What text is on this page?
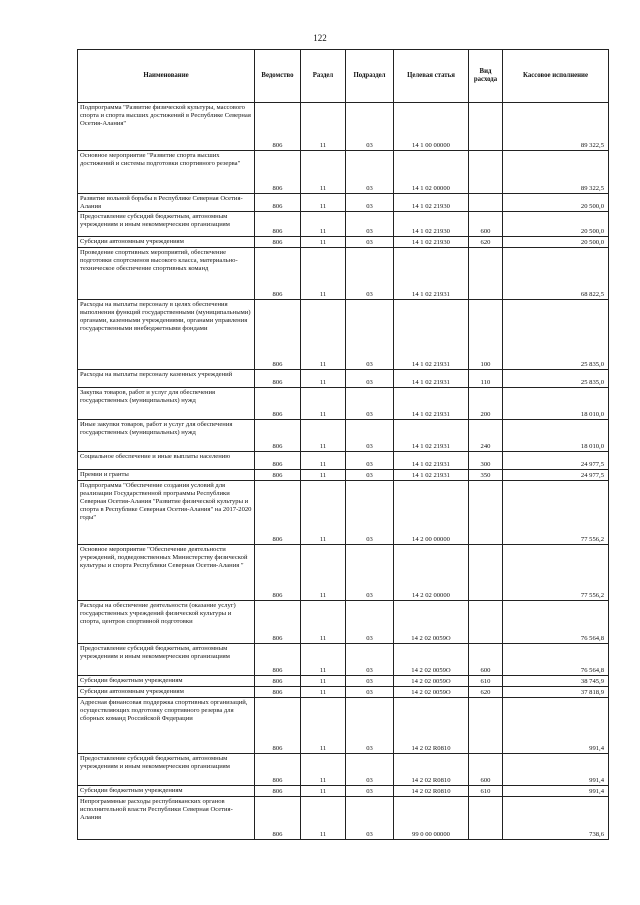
122
Наименование	Ведомство	Раздел	Подраздел	Целевая статья	Вид расхода	Кассовое исполнение
Подпрограмма "Развитие физической культуры, массового спорта и спорта высших достижений в Республике Северная Осетия-Алания"	806	11	03	14 1 00 00000		89 322,5
Основное мероприятие "Развитие спорта высших достижений и системы подготовки спортивного резерва"	806	11	03	14 1 02 00000		89 322,5
Развитие вольной борьбы в Республике Северная Осетия-Алания	806	11	03	14 1 02 21930		20 500,0
Предоставление субсидий бюджетным, автономным учреждениям и иным некоммерческим организациям	806	11	03	14 1 02 21930	600	20 500,0
Субсидии автономным учреждениям	806	11	03	14 1 02 21930	620	20 500,0
Проведение спортивных мероприятий, обеспечение подготовки спортсменов высокого класса, материально-техническое обеспечение спортивных команд	806	11	03	14 1 02 21931		68 822,5
Расходы на выплаты персоналу в целях обеспечения выполнения функций государственными (муниципальными) органами, казенными учреждениями, органами управления государственными внебюджетными фондами	806	11	03	14 1 02 21931	100	25 835,0
Расходы на выплаты персоналу казенных учреждений	806	11	03	14 1 02 21931	110	25 835,0
Закупка товаров, работ и услуг для обеспечения государственных (муниципальных) нужд	806	11	03	14 1 02 21931	200	18 010,0
Иные закупки товаров, работ и услуг для обеспечения государственных (муниципальных) нужд	806	11	03	14 1 02 21931	240	18 010,0
Социальное обеспечение и иные выплаты населению	806	11	03	14 1 02 21931	300	24 977,5
Премии и гранты	806	11	03	14 1 02 21931	350	24 977,5
Подпрограмма "Обеспечение создания условий для реализации Государственной программы Республики Северная Осетия-Алания "Развитие физической культуры и спорта в Республике Северная Осетия-Алания" на 2017-2020 годы"	806	11	03	14 2 00 00000		77 556,2
Основное мероприятие "Обеспечение деятельности учреждений, подведомственных Министерству физической культуры и спорта Республики Северная Осетия-Алания "	806	11	03	14 2 02 00000		77 556,2
Расходы на обеспечение деятельности (оказание услуг) государственных учреждений физической культуры и спорта, центров спортивной подготовки	806	11	03	14 2 02 0059О		76 564,8
Предоставление субсидий бюджетным, автономным учреждениям и иным некоммерческим организациям	806	11	03	14 2 02 0059О	600	76 564,8
Субсидии бюджетным учреждениям	806	11	03	14 2 02 0059О	610	38 745,9
Субсидии автономным учреждениям	806	11	03	14 2 02 0059О	620	37 818,9
Адресная финансовая поддержка спортивных организаций, осуществляющих подготовку спортивного резерва для сборных команд Российской Федерации	806	11	03	14 2 02 R0810		991,4
Предоставление субсидий бюджетным, автономным учреждениям и иным некоммерческим организациям	806	11	03	14 2 02 R0810	600	991,4
Субсидии бюджетным учреждениям	806	11	03	14 2 02 R0810	610	991,4
Непрограммные расходы республиканских органов исполнительной власти Республики Северная Осетия-Алания	806	11	03	99 0 00 00000		738,6
